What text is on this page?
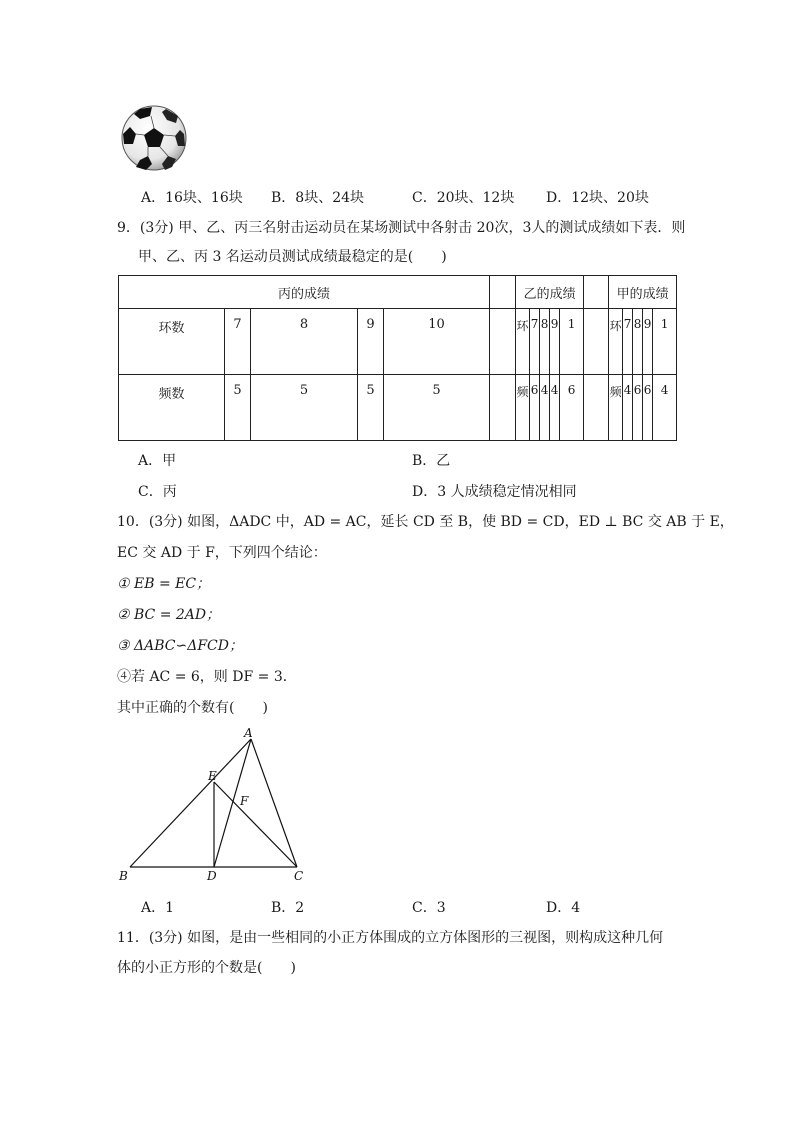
A．16块、16块 B．8块、24块	C．20块、12块 D．12块、20块
9．(3分) 甲、乙、丙三名射击运动员在某场测试中各射击 20次，3人的测试成绩如下表．则
甲、乙、丙 3 名运动员测试成绩最稳定的是(　　)
丙的成绩						乙的成绩						甲的成绩				
环数	7	8	9	10		环	7	8	9	1		环	7	8	9	1
频数	5	5	5	5		频	6	4	4	6		频	4	6	6	4
A．甲	B．乙
C．丙	D．3 人成绩稳定情况相同
10．(3分) 如图，ΔADC 中，AD = AC，延长 CD 至 B，使 BD = CD，ED ⊥ BC 交 AB 于 E，
EC 交 AD 于 F，下列四个结论：
① EB = EC；
② BC = 2AD；
③ ΔABC∽ΔFCD；
④若 AC = 6，则 DF = 3．
其中正确的个数有(　　)
A
E
F
B	D	C
A．1	B．2	C．3	D．4
11．(3分) 如图，是由一些相同的小正方体围成的立方体图形的三视图，则构成这种几何
体的小正方形的个数是(　　)
